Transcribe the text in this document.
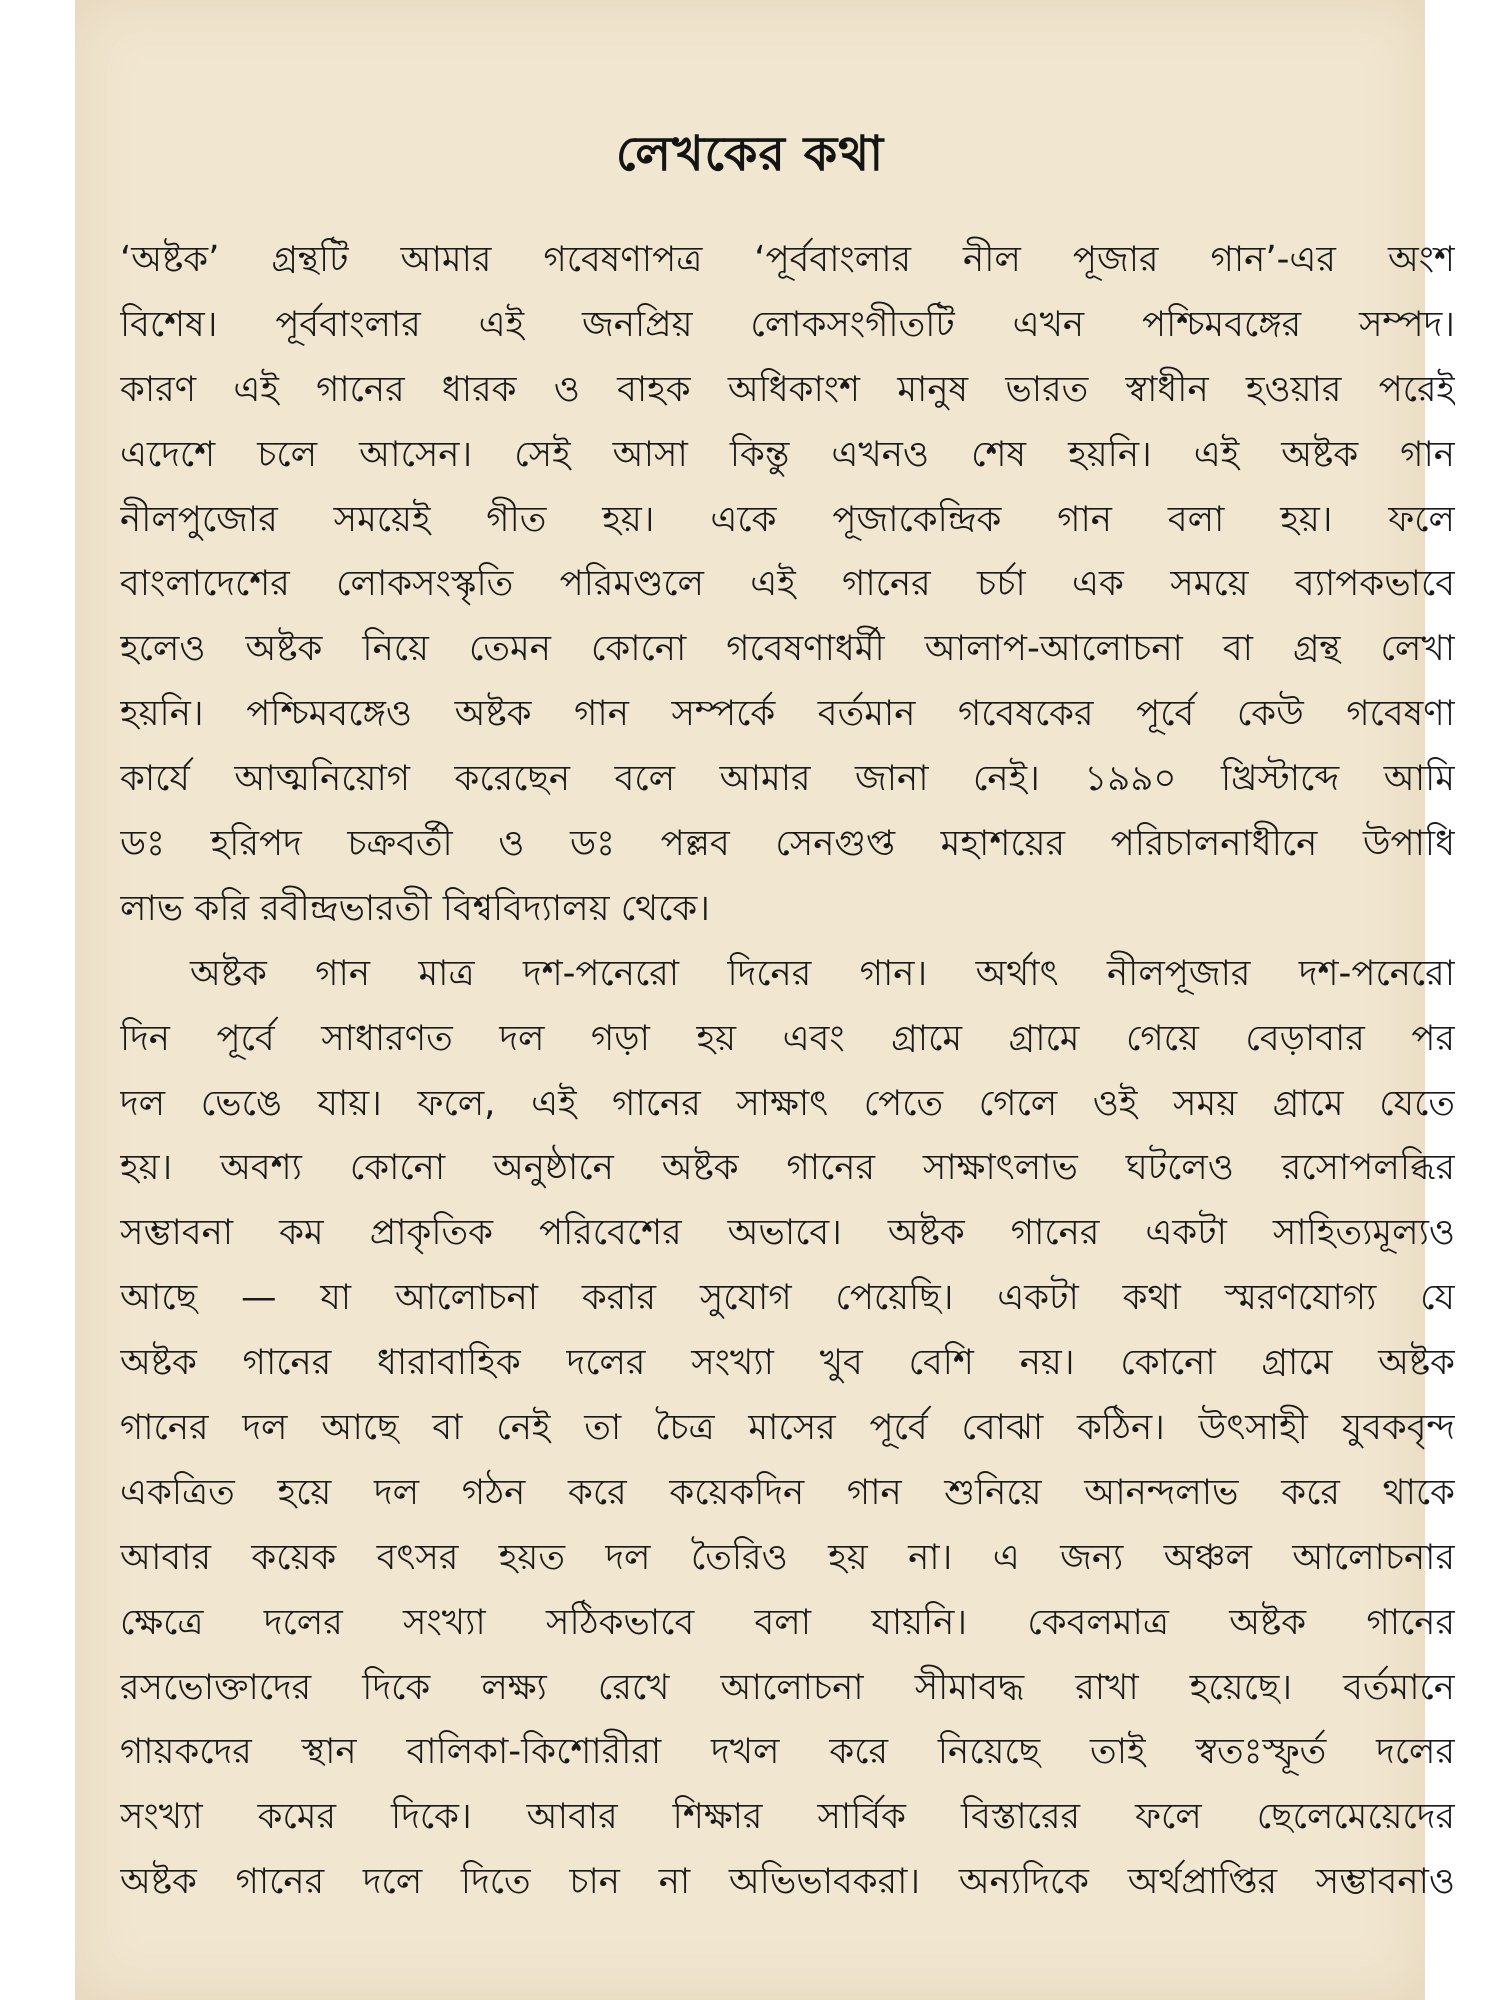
লেখকের কথা
‘অষ্টক’ গ্রন্থটি আমার গবেষণাপত্র ‘পূর্ববাংলার নীল পূজার গান’-এর অংশ
বিশেষ। পূর্ববাংলার এই জনপ্রিয় লোকসংগীতটি এখন পশ্চিমবঙ্গের সম্পদ।
কারণ এই গানের ধারক ও বাহক অধিকাংশ মানুষ ভারত স্বাধীন হওয়ার পরেই
এদেশে চলে আসেন। সেই আসা কিন্তু এখনও শেষ হয়নি। এই অষ্টক গান
নীলপুজোর সময়েই গীত হয়। একে পূজাকেন্দ্রিক গান বলা হয়। ফলে
বাংলাদেশের লোকসংস্কৃতি পরিমণ্ডলে এই গানের চর্চা এক সময়ে ব্যাপকভাবে
হলেও অষ্টক নিয়ে তেমন কোনো গবেষণাধর্মী আলাপ-আলোচনা বা গ্রন্থ লেখা
হয়নি। পশ্চিমবঙ্গেও অষ্টক গান সম্পর্কে বর্তমান গবেষকের পূর্বে কেউ গবেষণা
কার্যে আত্মনিয়োগ করেছেন বলে আমার জানা নেই। ১৯৯০ খ্রিস্টাব্দে আমি
ডঃ হরিপদ চক্রবর্তী ও ডঃ পল্লব সেনগুপ্ত মহাশয়ের পরিচালনাধীনে উপাধি
লাভ করি রবীন্দ্রভারতী বিশ্ববিদ্যালয় থেকে।
অষ্টক গান মাত্র দশ-পনেরো দিনের গান। অর্থাৎ নীলপূজার দশ-পনেরো
দিন পূর্বে সাধারণত দল গড়া হয় এবং গ্রামে গ্রামে গেয়ে বেড়াবার পর
দল ভেঙে যায়। ফলে, এই গানের সাক্ষাৎ পেতে গেলে ওই সময় গ্রামে যেতে
হয়। অবশ্য কোনো অনুষ্ঠানে অষ্টক গানের সাক্ষাৎলাভ ঘটলেও রসোপলব্ধির
সম্ভাবনা কম প্রাকৃতিক পরিবেশের অভাবে। অষ্টক গানের একটা সাহিত্যমূল্যও
আছে — যা আলোচনা করার সুযোগ পেয়েছি। একটা কথা স্মরণযোগ্য যে
অষ্টক গানের ধারাবাহিক দলের সংখ্যা খুব বেশি নয়। কোনো গ্রামে অষ্টক
গানের দল আছে বা নেই তা চৈত্র মাসের পূর্বে বোঝা কঠিন। উৎসাহী যুবকবৃন্দ
একত্রিত হয়ে দল গঠন করে কয়েকদিন গান শুনিয়ে আনন্দলাভ করে থাকে
আবার কয়েক বৎসর হয়ত দল তৈরিও হয় না। এ জন্য অঞ্চল আলোচনার
ক্ষেত্রে দলের সংখ্যা সঠিকভাবে বলা যায়নি। কেবলমাত্র অষ্টক গানের
রসভোক্তাদের দিকে লক্ষ্য রেখে আলোচনা সীমাবদ্ধ রাখা হয়েছে। বর্তমানে
গায়কদের স্থান বালিকা-কিশোরীরা দখল করে নিয়েছে তাই স্বতঃস্ফূর্ত দলের
সংখ্যা কমের দিকে। আবার শিক্ষার সার্বিক বিস্তারের ফলে ছেলেমেয়েদের
অষ্টক গানের দলে দিতে চান না অভিভাবকরা। অন্যদিকে অর্থপ্রাপ্তির সম্ভাবনাও
